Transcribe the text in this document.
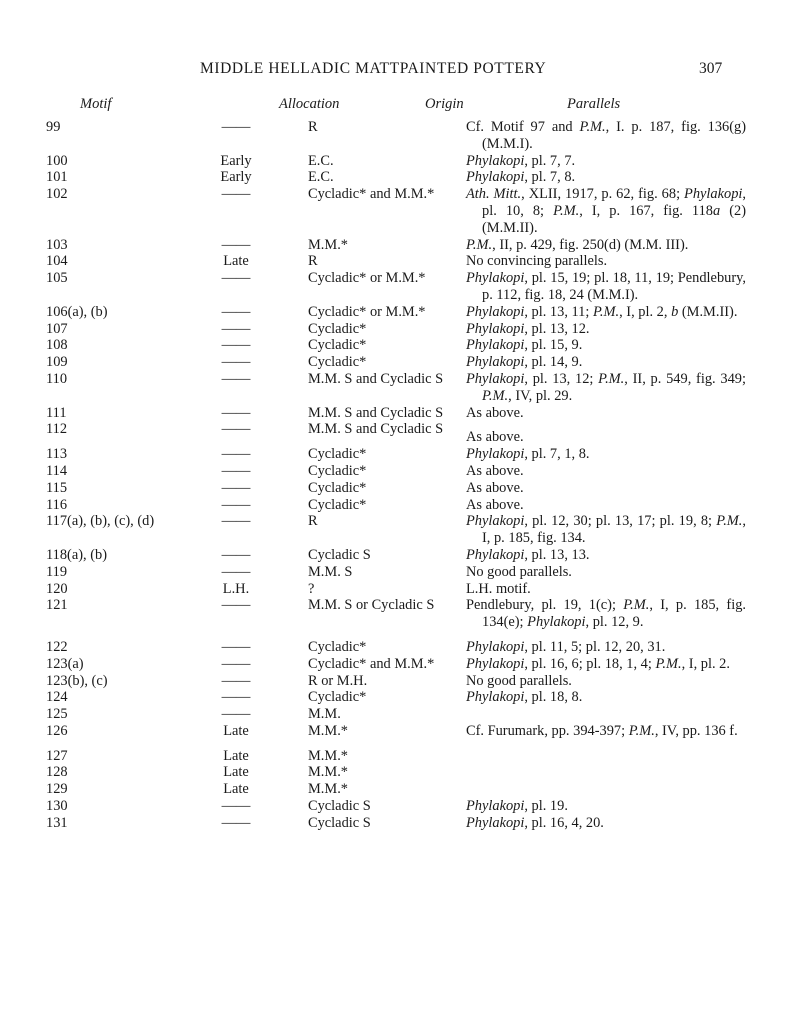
MIDDLE HELLADIC MATTPAINTED POTTERY	307
Motif	Allocation	Origin	Parallels
99	——	R	Cf. Motif 97 and P.M., I. p. 187, fig. 136(g) (M.M.I).
100	Early	E.C.	Phylakopi, pl. 7, 7.
101	Early	E.C.	Phylakopi, pl. 7, 8.
102	——	Cycladic* and M.M.*	Ath. Mitt., XLII, 1917, p. 62, fig. 68; Phylakopi, pl. 10, 8; P.M., I, p. 167, fig. 118a (2) (M.M.II).
103	——	M.M.*	P.M., II, p. 429, fig. 250(d) (M.M. III).
104	Late	R	No convincing parallels.
105	——	Cycladic* or M.M.*	Phylakopi, pl. 15, 19; pl. 18, 11, 19; Pendlebury, p. 112, fig. 18, 24 (M.M.I).
106(a), (b)	——	Cycladic* or M.M.*	Phylakopi, pl. 13, 11; P.M., I, pl. 2, b (M.M.II).
107	——	Cycladic*	Phylakopi, pl. 13, 12.
108	——	Cycladic*	Phylakopi, pl. 15, 9.
109	——	Cycladic*	Phylakopi, pl. 14, 9.
110	——	M.M. S and Cycladic S	Phylakopi, pl. 13, 12; P.M., II, p. 549, fig. 349; P.M., IV, pl. 29.
111	——	M.M. S and Cycladic S	As above.
112	——	M.M. S and Cycladic S	As above.
113	——	Cycladic*	Phylakopi, pl. 7, 1, 8.
114	——	Cycladic*	As above.
115	——	Cycladic*	As above.
116	——	Cycladic*	As above.
117(a), (b), (c), (d)	——	R	Phylakopi, pl. 12, 30; pl. 13, 17; pl. 19, 8; P.M., I, p. 185, fig. 134.
118(a), (b)	——	Cycladic S	Phylakopi, pl. 13, 13.
119	——	M.M. S	No good parallels.
120	L.H.	?	L.H. motif.
121	——	M.M. S or Cycladic S	Pendlebury, pl. 19, 1(c); P.M., I, p. 185, fig. 134(e); Phylakopi, pl. 12, 9.
122	——	Cycladic*	Phylakopi, pl. 11, 5; pl. 12, 20, 31.
123(a)	——	Cycladic* and M.M.*	Phylakopi, pl. 16, 6; pl. 18, 1, 4; P.M., I, pl. 2.
123(b), (c)	——	R or M.H.	No good parallels.
124	——	Cycladic*	Phylakopi, pl. 18, 8.
125	——	M.M.	
126	Late	M.M.*	Cf. Furumark, pp. 394-397; P.M., IV, pp. 136 f.
127	Late	M.M.*	
128	Late	M.M.*	
129	Late	M.M.*	
130	——	Cycladic S	Phylakopi, pl. 19.
131	——	Cycladic S	Phylakopi, pl. 16, 4, 20.
